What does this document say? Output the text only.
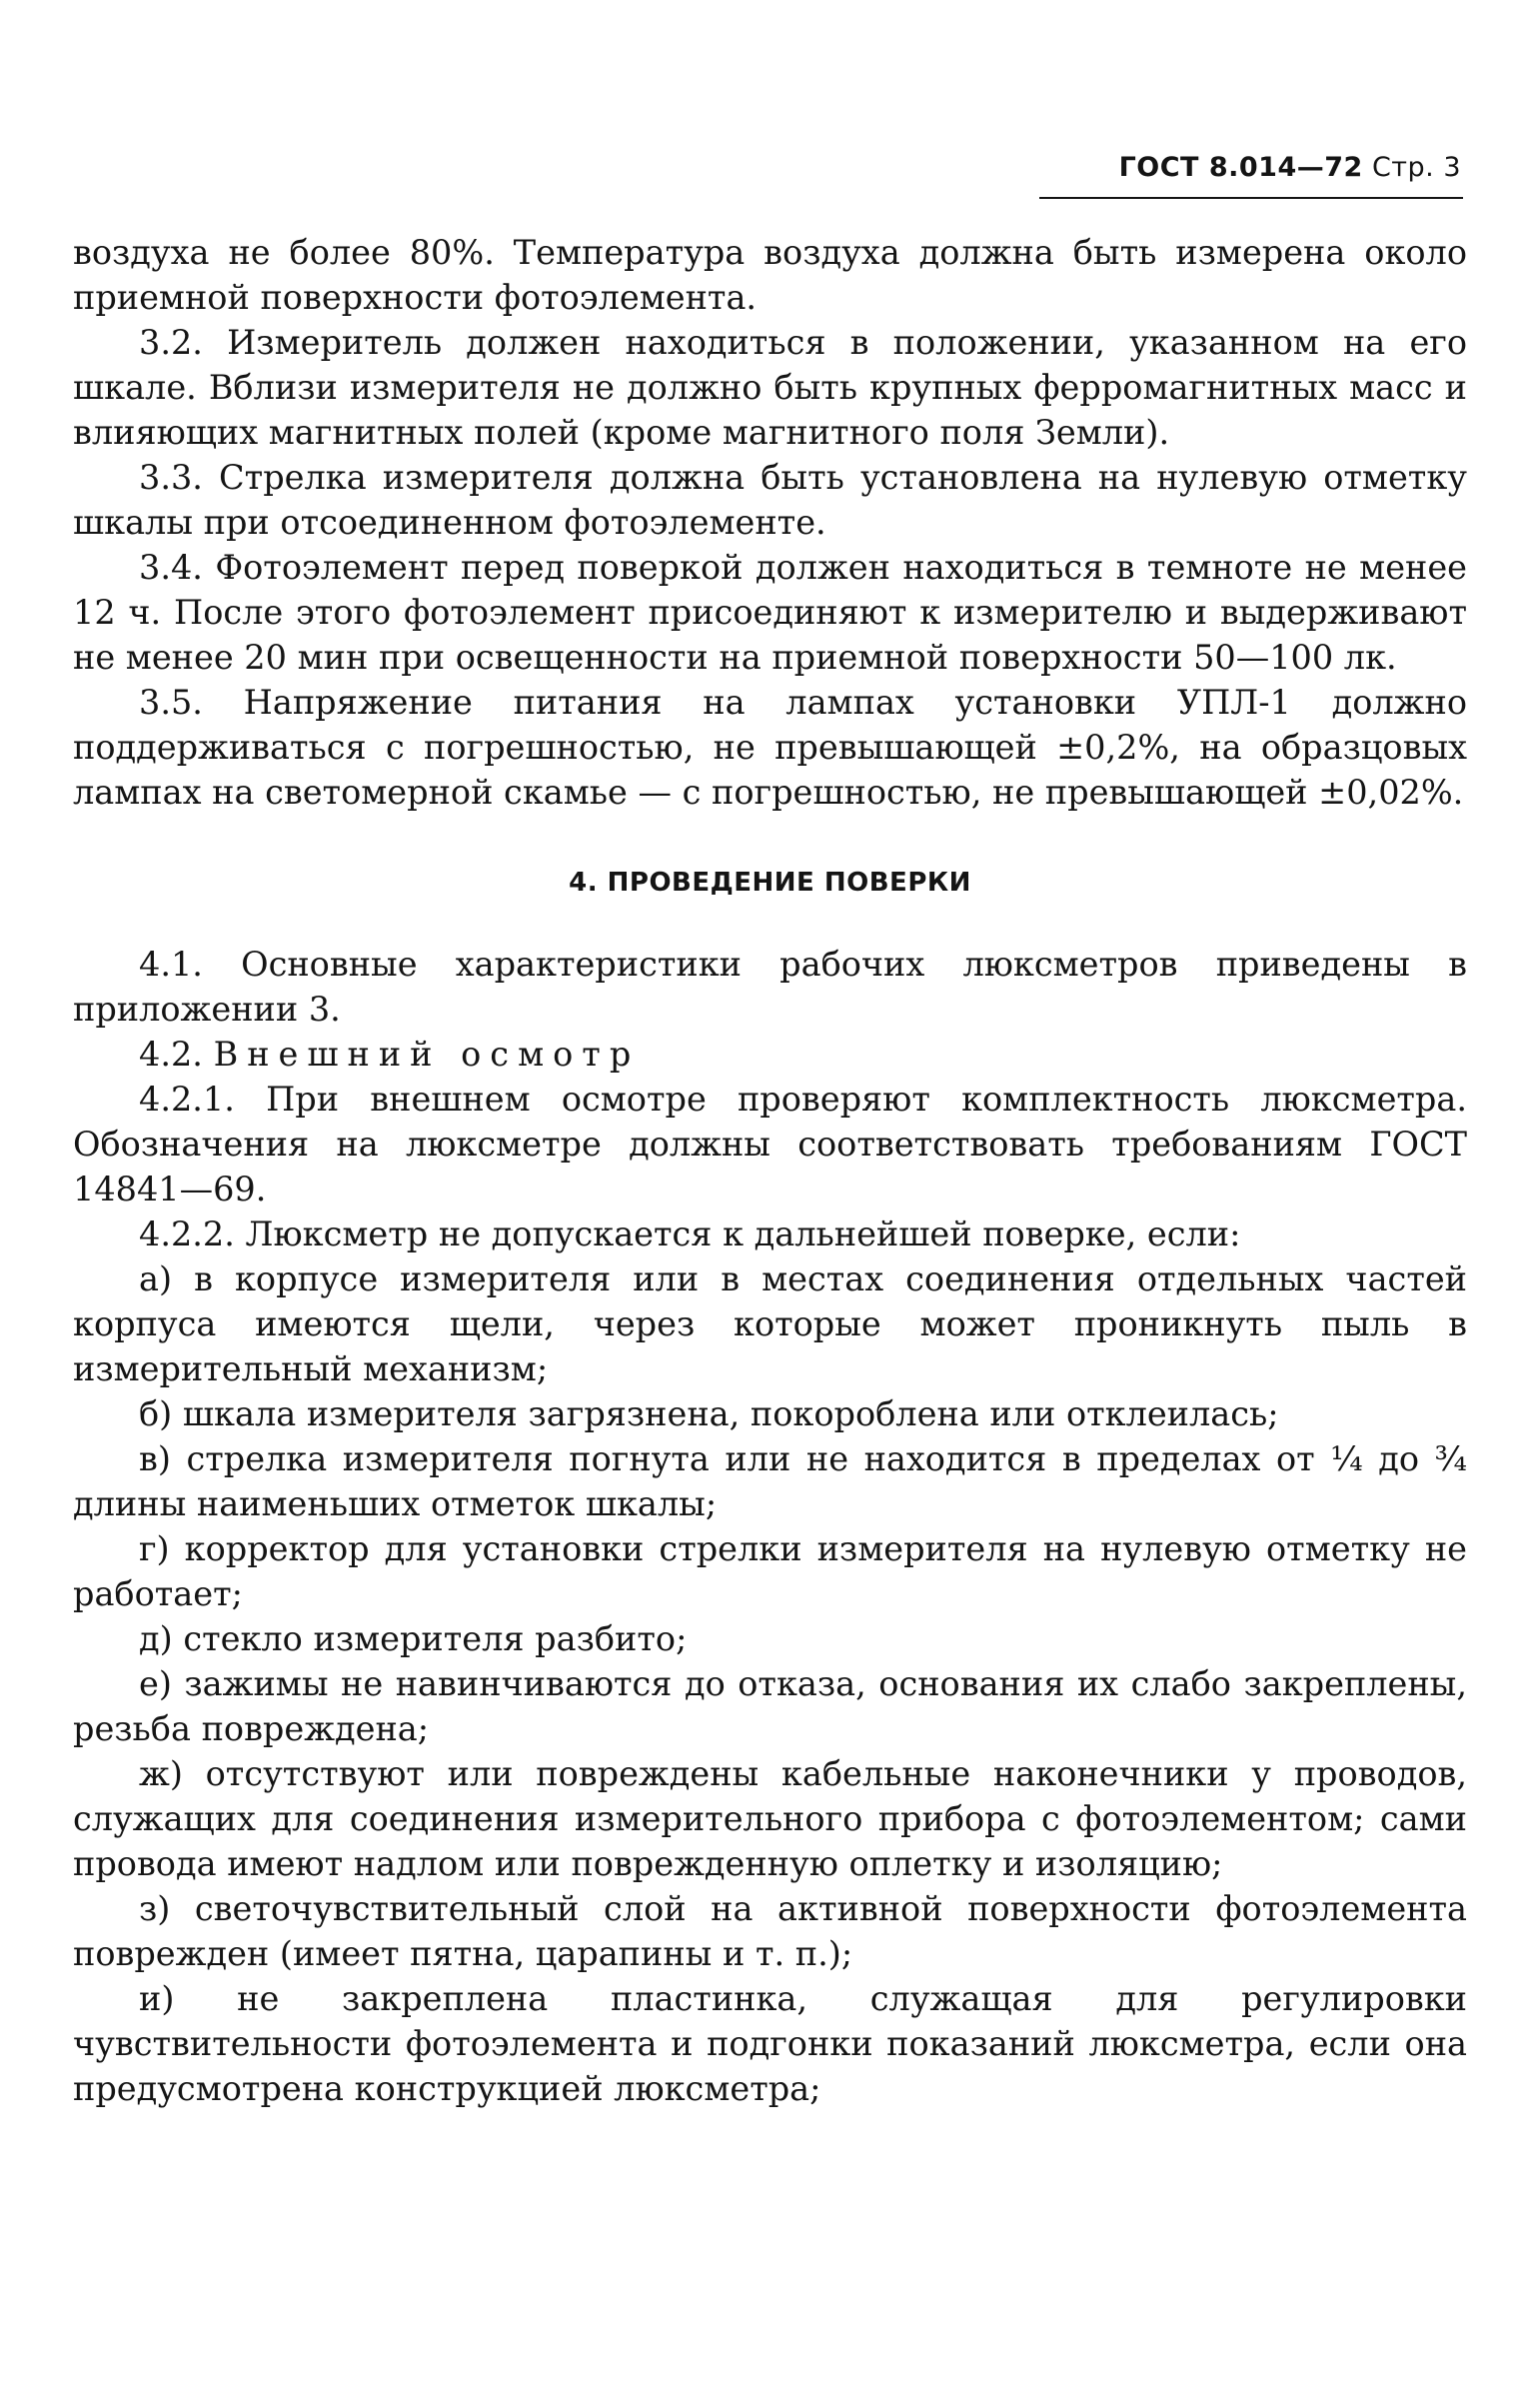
ГОСТ 8.014—72 Стр. 3

воздуха не более 80%. Температура воздуха должна быть измерена около приемной поверхности фотоэлемента.

3.2. Измеритель должен находиться в положении, указанном на его шкале. Вблизи измерителя не должно быть крупных ферромагнитных масс и влияющих магнитных полей (кроме магнитного поля Земли).

3.3. Стрелка измерителя должна быть установлена на нулевую отметку шкалы при отсоединенном фотоэлементе.

3.4. Фотоэлемент перед поверкой должен находиться в темноте не менее 12 ч. После этого фотоэлемент присоединяют к измерителю и выдерживают не менее 20 мин при освещенности на приемной поверхности 50—100 лк.

3.5. Напряжение питания на лампах установки УПЛ-1 должно поддерживаться с погрешностью, не превышающей ±0,2%, на образцовых лампах на светомерной скамье — с погрешностью, не превышающей ±0,02%.

4. ПРОВЕДЕНИЕ ПОВЕРКИ

4.1. Основные характеристики рабочих люксметров приведены в приложении 3.

4.2. Внешний осмотр

4.2.1. При внешнем осмотре проверяют комплектность люксметра. Обозначения на люксметре должны соответствовать требованиям ГОСТ 14841—69.

4.2.2. Люксметр не допускается к дальнейшей поверке, если:

а) в корпусе измерителя или в местах соединения отдельных частей корпуса имеются щели, через которые может проникнуть пыль в измерительный механизм;

б) шкала измерителя загрязнена, покороблена или отклеилась;

в) стрелка измерителя погнута или не находится в пределах от ¼ до ¾ длины наименьших отметок шкалы;

г) корректор для установки стрелки измерителя на нулевую отметку не работает;

д) стекло измерителя разбито;

е) зажимы не навинчиваются до отказа, основания их слабо закреплены, резьба повреждена;

ж) отсутствуют или повреждены кабельные наконечники у проводов, служащих для соединения измерительного прибора с фотоэлементом; сами провода имеют надлом или поврежденную оплетку и изоляцию;

з) светочувствительный слой на активной поверхности фотоэлемента поврежден (имеет пятна, царапины и т. п.);

и) не закреплена пластинка, служащая для регулировки чувствительности фотоэлемента и подгонки показаний люксметра, если она предусмотрена конструкцией люксметра;
